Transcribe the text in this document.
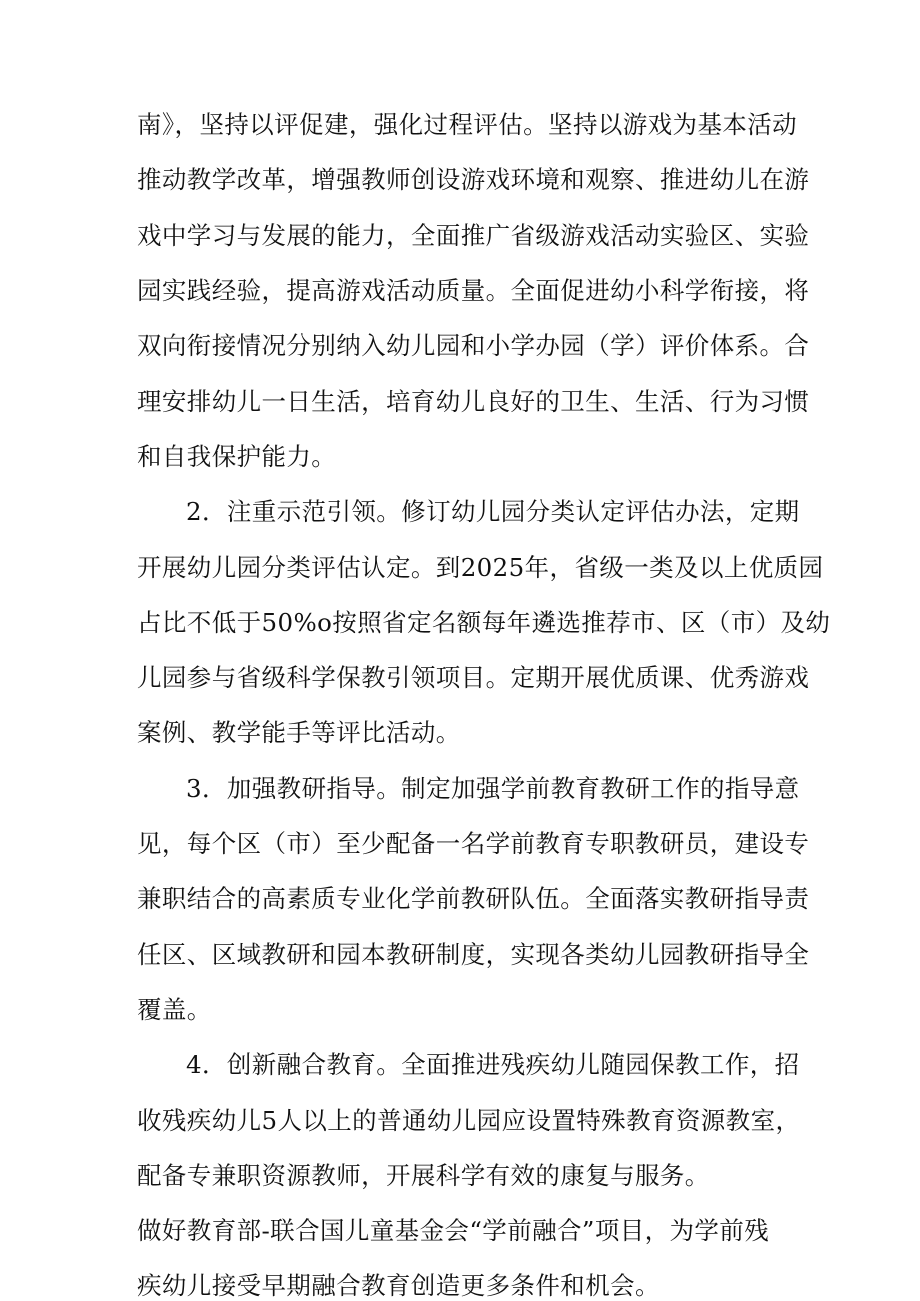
南》，坚持以评促建，强化过程评估。坚持以游戏为基本活动
推动教学改革，增强教师创设游戏环境和观察、推进幼儿在游
戏中学习与发展的能力，全面推广省级游戏活动实验区、实验
园实践经验，提高游戏活动质量。全面促进幼小科学衔接，将
双向衔接情况分别纳入幼儿园和小学办园（学）评价体系。合
理安排幼儿一日生活，培育幼儿良好的卫生、生活、行为习惯
和自我保护能力。
2．注重示范引领。修订幼儿园分类认定评估办法，定期
开展幼儿园分类评估认定。到2025年，省级一类及以上优质园
占比不低于50%o按照省定名额每年遴选推荐市、区（市）及幼
儿园参与省级科学保教引领项目。定期开展优质课、优秀游戏
案例、教学能手等评比活动。
3．加强教研指导。制定加强学前教育教研工作的指导意
见，每个区（市）至少配备一名学前教育专职教研员，建设专
兼职结合的高素质专业化学前教研队伍。全面落实教研指导责
任区、区域教研和园本教研制度，实现各类幼儿园教研指导全
覆盖。
4．创新融合教育。全面推进残疾幼儿随园保教工作，招
收残疾幼儿5人以上的普通幼儿园应设置特殊教育资源教室，
配备专兼职资源教师，开展科学有效的康复与服务。
做好教育部-联合国儿童基金会“学前融合”项目，为学前残
疾幼儿接受早期融合教育创造更多条件和机会。
